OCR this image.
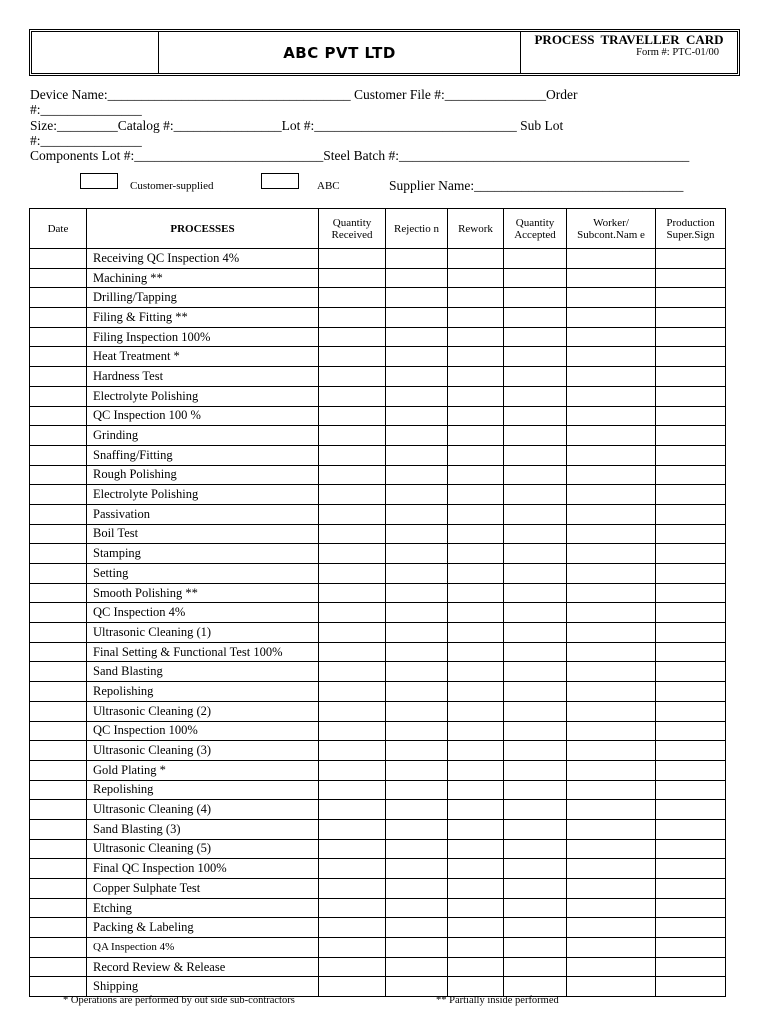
ABC PVT LTD
PROCESS TRAVELLER CARD
Form #: PTC-01/00
Device Name:____________________________________ Customer File #:_______________Order
#:_______________
Size:_________Catalog #:________________Lot #:______________________________ Sub Lot
#:_______________
Components Lot #:____________________________Steel Batch #:___________________________________________
Customer-supplied	ABC	Supplier Name:_______________________________
Date	PROCESSES	Quantity Received	Rejectio n	Rework	Quantity Accepted	Worker/ Subcont.Nam e	Production Super.Sign
	Receiving QC Inspection 4%						
	Machining **						
	Drilling/Tapping						
	Filing & Fitting **						
	Filing Inspection 100%						
	Heat Treatment *						
	Hardness Test						
	Electrolyte Polishing						
	QC Inspection 100 %						
	Grinding						
	Snaffing/Fitting						
	Rough Polishing						
	Electrolyte Polishing						
	Passivation						
	Boil Test						
	Stamping						
	Setting						
	Smooth Polishing **						
	QC Inspection 4%						
	Ultrasonic Cleaning (1)						
	Final Setting & Functional Test 100%						
	Sand Blasting						
	Repolishing						
	Ultrasonic Cleaning (2)						
	QC Inspection 100%						
	Ultrasonic Cleaning (3)						
	Gold Plating *						
	Repolishing						
	Ultrasonic Cleaning (4)						
	Sand Blasting (3)						
	Ultrasonic Cleaning (5)						
	Final QC Inspection 100%						
	Copper Sulphate Test						
	Etching						
	Packing & Labeling						
	QA Inspection 4%						
	Record Review & Release						
	Shipping						
* Operations are performed by out side sub-contractors	** Partially inside performed
